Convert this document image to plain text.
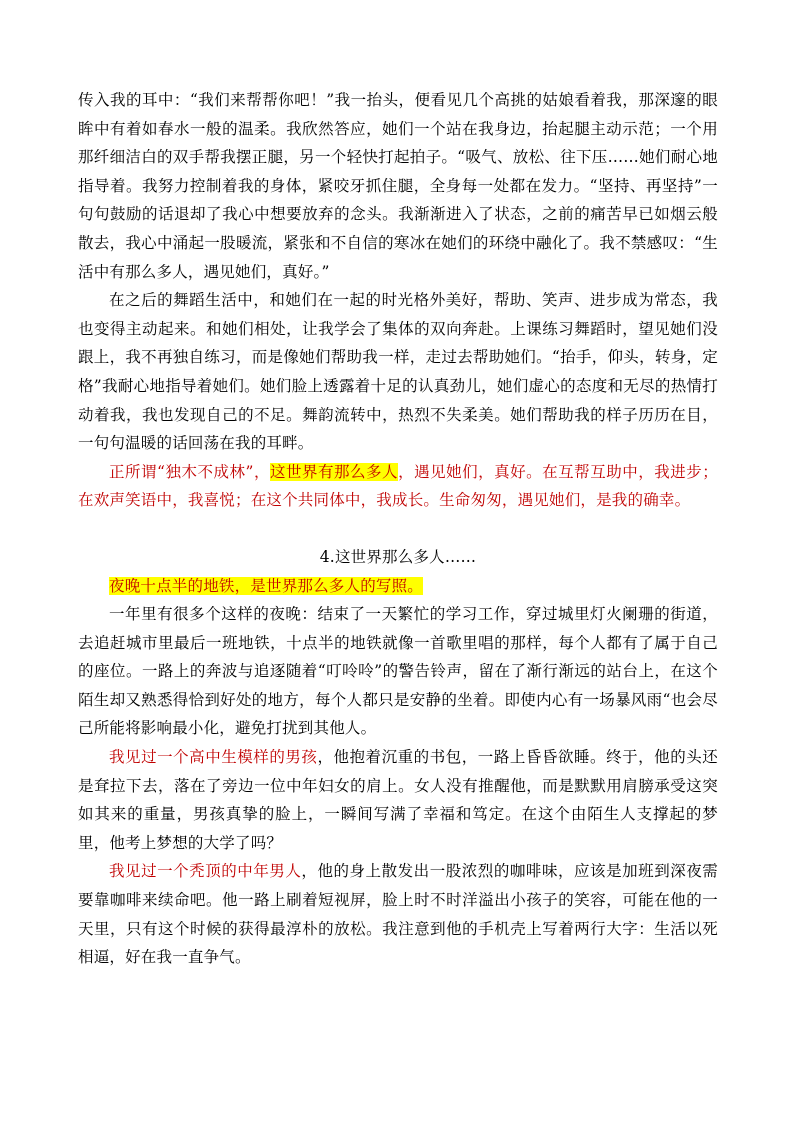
传入我的耳中：“我们来帮帮你吧！”我一抬头，便看见几个高挑的姑娘看着我，那深邃的眼眸中有着如春水一般的温柔。我欣然答应，她们一个站在我身边，抬起腿主动示范；一个用那纤细洁白的双手帮我摆正腿，另一个轻快打起拍子。“吸气、放松、往下压……她们耐心地指导着。我努力控制着我的身体，紧咬牙抓住腿，全身每一处都在发力。“坚持、再坚持”一句句鼓励的话退却了我心中想要放弃的念头。我渐渐进入了状态，之前的痛苦早已如烟云般散去，我心中涌起一股暖流，紧张和不自信的寒冰在她们的环绕中融化了。我不禁感叹：“生活中有那么多人，遇见她们，真好。”

在之后的舞蹈生活中，和她们在一起的时光格外美好，帮助、笑声、进步成为常态，我也变得主动起来。和她们相处，让我学会了集体的双向奔赴。上课练习舞蹈时，望见她们没跟上，我不再独自练习，而是像她们帮助我一样，走过去帮助她们。“抬手，仰头，转身，定格”我耐心地指导着她们。她们脸上透露着十足的认真劲儿，她们虚心的态度和无尽的热情打动着我，我也发现自己的不足。舞韵流转中，热烈不失柔美。她们帮助我的样子历历在目，一句句温暖的话回荡在我的耳畔。

正所谓“独木不成林”，这世界有那么多人，遇见她们，真好。在互帮互助中，我进步；在欢声笑语中，我喜悦；在这个共同体中，我成长。生命匆匆，遇见她们，是我的确幸。

4.这世界那么多人……

夜晚十点半的地铁，是世界那么多人的写照。

一年里有很多个这样的夜晚：结束了一天繁忙的学习工作，穿过城里灯火阑珊的街道，去追赶城市里最后一班地铁，十点半的地铁就像一首歌里唱的那样，每个人都有了属于自己的座位。一路上的奔波与追逐随着“叮呤呤”的警告铃声，留在了渐行渐远的站台上，在这个陌生却又熟悉得恰到好处的地方，每个人都只是安静的坐着。即使内心有一场暴风雨“也会尽己所能将影响最小化，避免打扰到其他人。

我见过一个高中生模样的男孩，他抱着沉重的书包，一路上昏昏欲睡。终于，他的头还是耷拉下去，落在了旁边一位中年妇女的肩上。女人没有推醒他，而是默默用肩膀承受这突如其来的重量，男孩真挚的脸上，一瞬间写满了幸福和笃定。在这个由陌生人支撑起的梦里，他考上梦想的大学了吗？

我见过一个秃顶的中年男人，他的身上散发出一股浓烈的咖啡味，应该是加班到深夜需要靠咖啡来续命吧。他一路上刷着短视屏，脸上时不时洋溢出小孩子的笑容，可能在他的一天里，只有这个时候的获得最淳朴的放松。我注意到他的手机壳上写着两行大字：生活以死相逼，好在我一直争气。
